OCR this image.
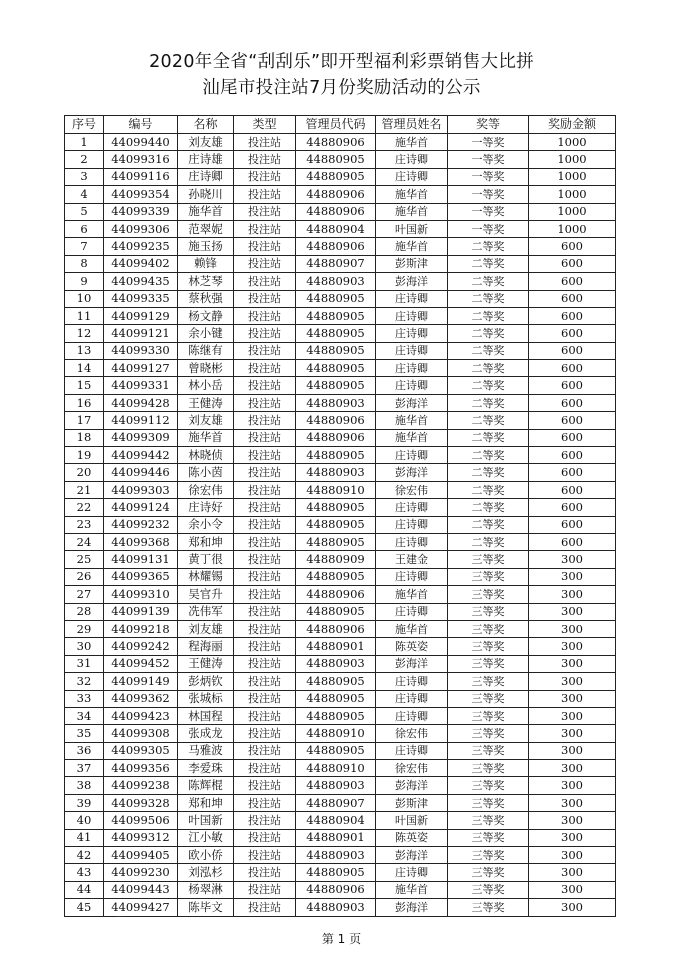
2020年全省“刮刮乐”即开型福利彩票销售大比拼
汕尾市投注站7月份奖励活动的公示
序号	编号	名称	类型	管理员代码	管理员姓名	奖等	奖励金额
1	44099440	刘友雄	投注站	44880906	施华首	一等奖	1000
2	44099316	庄诗雄	投注站	44880905	庄诗卿	一等奖	1000
3	44099116	庄诗卿	投注站	44880905	庄诗卿	一等奖	1000
4	44099354	孙晓川	投注站	44880906	施华首	一等奖	1000
5	44099339	施华首	投注站	44880906	施华首	一等奖	1000
6	44099306	范翠妮	投注站	44880904	叶国新	一等奖	1000
7	44099235	施玉扬	投注站	44880906	施华首	二等奖	600
8	44099402	赖锋	投注站	44880907	彭斯津	二等奖	600
9	44099435	林芝琴	投注站	44880903	彭海洋	二等奖	600
10	44099335	蔡秋强	投注站	44880905	庄诗卿	二等奖	600
11	44099129	杨文静	投注站	44880905	庄诗卿	二等奖	600
12	44099121	余小键	投注站	44880905	庄诗卿	二等奖	600
13	44099330	陈继有	投注站	44880905	庄诗卿	二等奖	600
14	44099127	曾晓彬	投注站	44880905	庄诗卿	二等奖	600
15	44099331	林小岳	投注站	44880905	庄诗卿	二等奖	600
16	44099428	王健涛	投注站	44880903	彭海洋	二等奖	600
17	44099112	刘友雄	投注站	44880906	施华首	二等奖	600
18	44099309	施华首	投注站	44880906	施华首	二等奖	600
19	44099442	林晓侦	投注站	44880905	庄诗卿	二等奖	600
20	44099446	陈小茵	投注站	44880903	彭海洋	二等奖	600
21	44099303	徐宏伟	投注站	44880910	徐宏伟	二等奖	600
22	44099124	庄诗好	投注站	44880905	庄诗卿	二等奖	600
23	44099232	余小令	投注站	44880905	庄诗卿	二等奖	600
24	44099368	郑和坤	投注站	44880905	庄诗卿	二等奖	600
25	44099131	黄丁很	投注站	44880909	王建金	三等奖	300
26	44099365	林耀锡	投注站	44880905	庄诗卿	三等奖	300
27	44099310	吴官升	投注站	44880906	施华首	三等奖	300
28	44099139	冼伟军	投注站	44880905	庄诗卿	三等奖	300
29	44099218	刘友雄	投注站	44880906	施华首	三等奖	300
30	44099242	程海丽	投注站	44880901	陈英姿	三等奖	300
31	44099452	王健涛	投注站	44880903	彭海洋	三等奖	300
32	44099149	彭炳钦	投注站	44880905	庄诗卿	三等奖	300
33	44099362	张城标	投注站	44880905	庄诗卿	三等奖	300
34	44099423	林国程	投注站	44880905	庄诗卿	三等奖	300
35	44099308	张成龙	投注站	44880910	徐宏伟	三等奖	300
36	44099305	马雅波	投注站	44880905	庄诗卿	三等奖	300
37	44099356	李爱珠	投注站	44880910	徐宏伟	三等奖	300
38	44099238	陈辉棍	投注站	44880903	彭海洋	三等奖	300
39	44099328	郑和坤	投注站	44880907	彭斯津	三等奖	300
40	44099506	叶国新	投注站	44880904	叶国新	三等奖	300
41	44099312	江小敏	投注站	44880901	陈英姿	三等奖	300
42	44099405	欧小侨	投注站	44880903	彭海洋	三等奖	300
43	44099230	刘泓杉	投注站	44880905	庄诗卿	三等奖	300
44	44099443	杨翠淋	投注站	44880906	施华首	三等奖	300
45	44099427	陈毕文	投注站	44880903	彭海洋	三等奖	300
·····
第 1 页
